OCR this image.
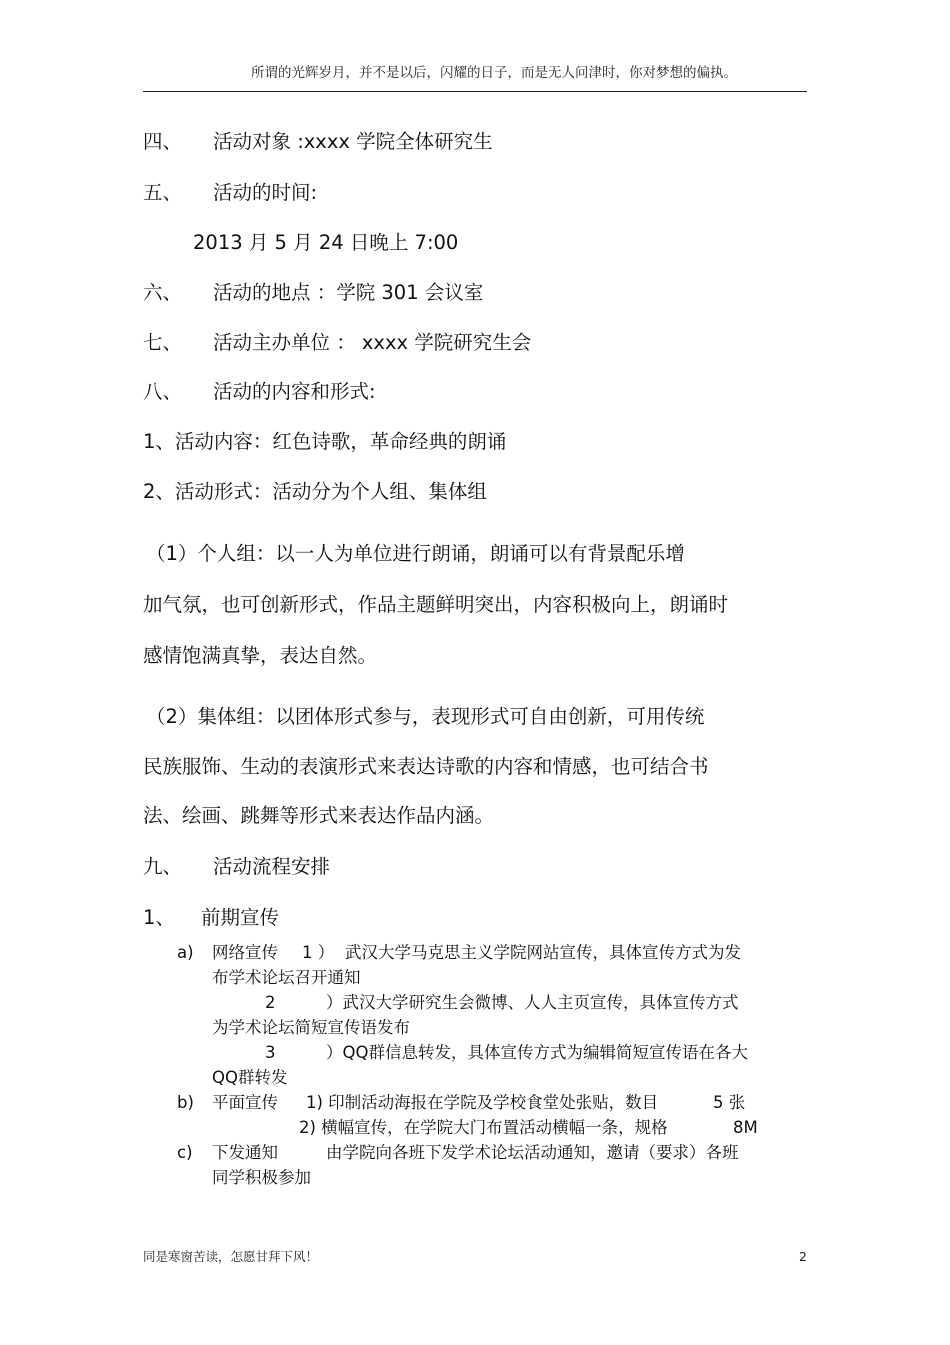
所谓的光辉岁月，并不是以后，闪耀的日子，而是无人问津时，你对梦想的偏执。
四、 活动对象 :xxxx 学院全体研究生
五、 活动的时间:
2013 月 5 月 24 日晚上 7:00
六、 活动的地点 ：学院 301 会议室
七、 活动主办单位 ： xxxx 学院研究生会
八、 活动的内容和形式:
1、活动内容：红色诗歌，革命经典的朗诵
2、活动形式：活动分为个人组、集体组
（1）个人组：以一人为单位进行朗诵，朗诵可以有背景配乐增
加气氛，也可创新形式，作品主题鲜明突出，内容积极向上，朗诵时
感情饱满真挚，表达自然。
（2）集体组：以团体形式参与，表现形式可自由创新，可用传统
民族服饰、生动的表演形式来表达诗歌的内容和情感，也可结合书
法、绘画、跳舞等形式来表达作品内涵。
九、 活动流程安排
1、 前期宣传
a) 网络宣传 1 ） 武汉大学马克思主义学院网站宣传，具体宣传方式为发
布学术论坛召开通知
2	）武汉大学研究生会微博、人人主页宣传，具体宣传方式
为学术论坛简短宣传语发布
3	）QQ群信息转发，具体宣传方式为编辑简短宣传语在各大
QQ群转发
b) 平面宣传 1) 印制活动海报在学院及学校食堂处张贴，数目	5 张
2) 横幅宣传，在学院大门布置活动横幅一条，规格	8M
c) 下发通知	由学院向各班下发学术论坛活动通知，邀请（要求）各班
同学积极参加
同是寒窗苦读，怎愿甘拜下风！	2
